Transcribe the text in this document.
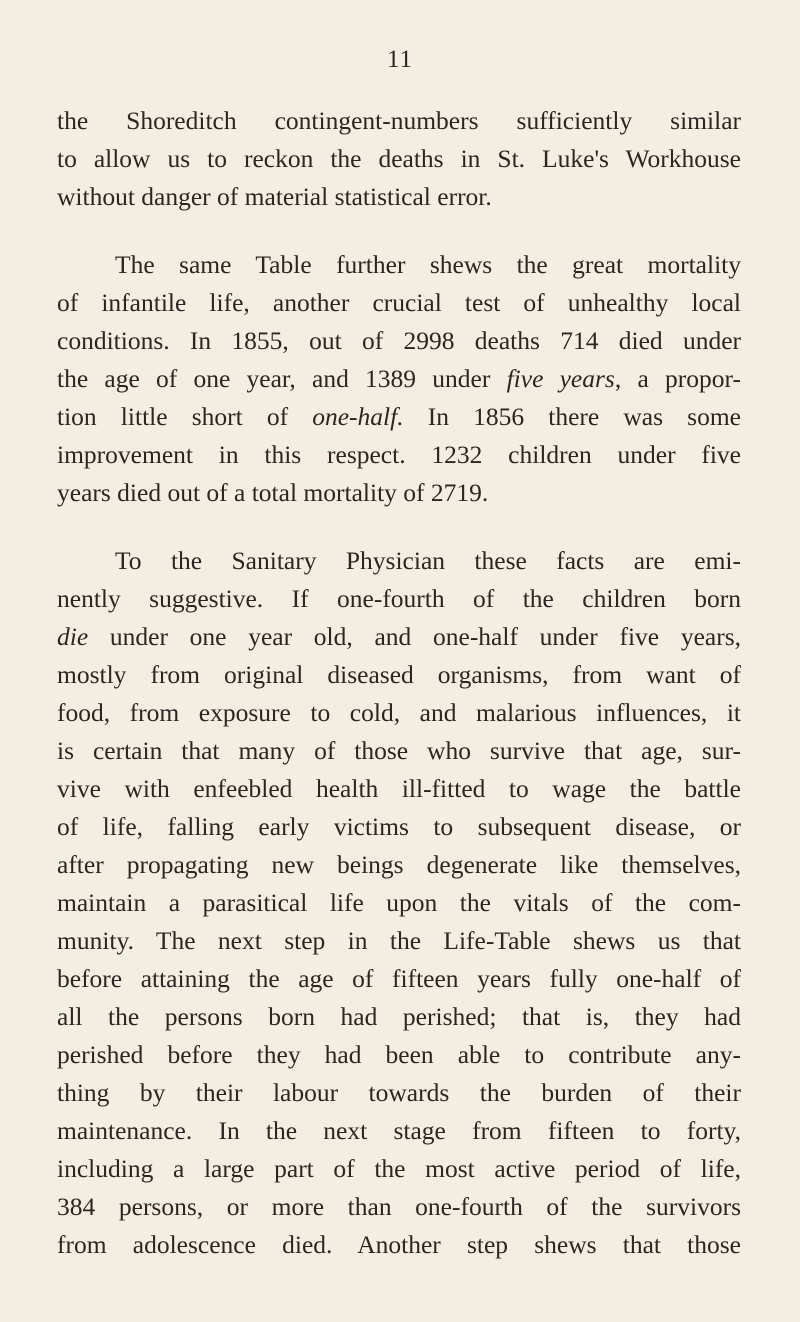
11
the Shoreditch contingent-numbers sufficiently similar
to allow us to reckon the deaths in St. Luke's Workhouse
without danger of material statistical error.
The same Table further shews the great mortality
of infantile life, another crucial test of unhealthy local
conditions. In 1855, out of 2998 deaths 714 died under
the age of one year, and 1389 under five years, a propor-
tion little short of one-half. In 1856 there was some
improvement in this respect. 1232 children under five
years died out of a total mortality of 2719.
To the Sanitary Physician these facts are emi-
nently suggestive. If one-fourth of the children born
die under one year old, and one-half under five years,
mostly from original diseased organisms, from want of
food, from exposure to cold, and malarious influences, it
is certain that many of those who survive that age, sur-
vive with enfeebled health ill-fitted to wage the battle
of life, falling early victims to subsequent disease, or
after propagating new beings degenerate like themselves,
maintain a parasitical life upon the vitals of the com-
munity. The next step in the Life-Table shews us that
before attaining the age of fifteen years fully one-half of
all the persons born had perished; that is, they had
perished before they had been able to contribute any-
thing by their labour towards the burden of their
maintenance. In the next stage from fifteen to forty,
including a large part of the most active period of life,
384 persons, or more than one-fourth of the survivors
from adolescence died. Another step shews that those
